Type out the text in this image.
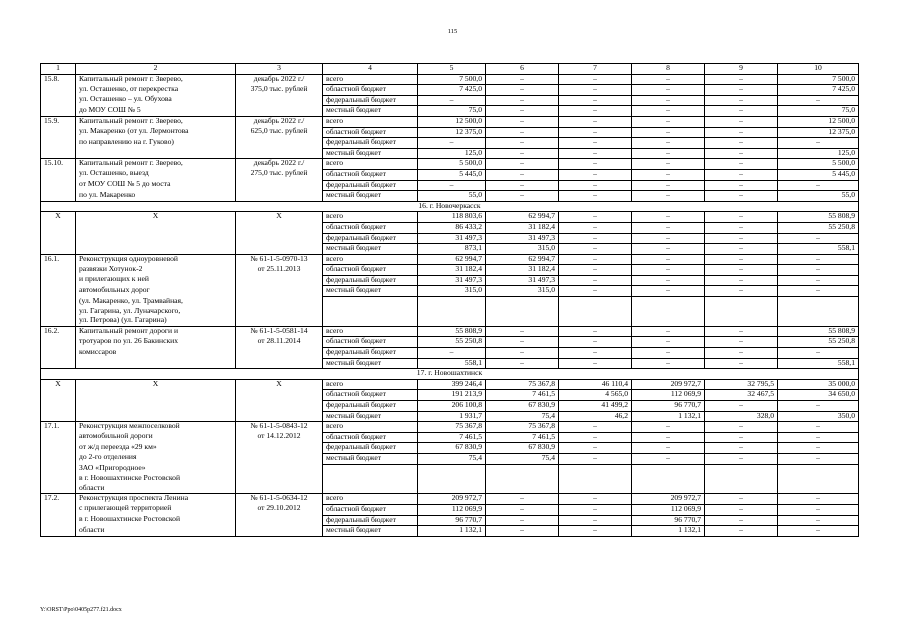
115
1	2	3	4	5	6	7	8	9	10
15.8.	Капитальный ремонт г. Зверево,	декабрь 2022 г./	всего	7 500,0	–	–	–	–	7 500,0
	ул. Осташенко, от перекрестка	375,0 тыс. рублей	областной бюджет	7 425,0	–	–	–	–	7 425,0
	ул. Осташенко – ул. Обухова		федеральный бюджет	–	–	–	–	–	–
	до МОУ СОШ № 5		местный бюджет	75,0	–	–	–	–	75,0
15.9.	Капитальный ремонт г. Зверево,	декабрь 2022 г./	всего	12 500,0	–	–	–	–	12 500,0
	ул. Макаренко (от ул. Лермонтова	625,0 тыс. рублей	областной бюджет	12 375,0	–	–	–	–	12 375,0
	по направлению на г. Гуково)		федеральный бюджет	–	–	–	–	–	–
			местный бюджет	125,0	–	–	–	–	125,0
15.10.	Капитальный ремонт г. Зверево,	декабрь 2022 г./	всего	5 500,0	–	–	–	–	5 500,0
	ул. Осташенко, выезд	275,0 тыс. рублей	областной бюджет	5 445,0	–	–	–	–	5 445,0
	от МОУ СОШ № 5 до моста		федеральный бюджет	–	–	–	–	–	–
	по ул. Макаренко		местный бюджет	55,0	–	–	–	–	55,0
16. г. Новочеркасск									
Х	Х	Х	всего	118 803,6	62 994,7	–	–	–	55 808,9
			областной бюджет	86 433,2	31 182,4	–	–	–	55 250,8
			федеральный бюджет	31 497,3	31 497,3	–	–	–	–
			местный бюджет	873,1	315,0	–	–	–	558,1
16.1.	Реконструкция одноуровневой	№ 61-1-5-0970-13	всего	62 994,7	62 994,7	–	–	–	–
	развязки Хотунок-2	от 25.11.2013	областной бюджет	31 182,4	31 182,4	–	–	–	–
	и прилегающих к ней		федеральный бюджет	31 497,3	31 497,3	–	–	–	–
	автомобильных дорог		местный бюджет	315,0	315,0	–	–	–	–
	(ул. Макаренко, ул. Трамвайная,								
	ул. Гагарина, ул. Луначарского,								
	ул. Петрова) (ул. Гагарина)								
16.2.	Капитальный ремонт дороги и	№ 61-1-5-0581-14	всего	55 808,9	–	–	–	–	55 808,9
	тротуаров по ул. 26 Бакинских	от 28.11.2014	областной бюджет	55 250,8	–	–	–	–	55 250,8
	комиссаров		федеральный бюджет	–	–	–	–	–	–
			местный бюджет	558,1	–	–	–	–	558,1
17. г. Новошахтинск									
Х	Х	Х	всего	399 246,4	75 367,8	46 110,4	209 972,7	32 795,5	35 000,0
			областной бюджет	191 213,9	7 461,5	4 565,0	112 069,9	32 467,5	34 650,0
			федеральный бюджет	206 100,8	67 830,9	41 499,2	96 770,7	–	–
			местный бюджет	1 931,7	75,4	46,2	1 132,1	328,0	350,0
17.1.	Реконструкция межпоселковой	№ 61-1-5-0843-12	всего	75 367,8	75 367,8	–	–	–	–
	автомобильной дороги	от 14.12.2012	областной бюджет	7 461,5	7 461,5	–	–	–	–
	от ж/д переезда «29 км»		федеральный бюджет	67 830,9	67 830,9	–	–	–	–
	до 2-го отделения		местный бюджет	75,4	75,4	–	–	–	–
	ЗАО «Пригородное»								
	в г. Новошахтинске Ростовской								
	области								
17.2.	Реконструкция проспекта Ленина	№ 61-1-5-0634-12	всего	209 972,7	–	–	209 972,7	–	–
	с прилегающей территорией	от 29.10.2012	областной бюджет	112 069,9	–	–	112 069,9	–	–
	в г. Новошахтинске Ростовской		федеральный бюджет	96 770,7	–	–	96 770,7	–	–
	области		местный бюджет	1 132,1	–	–	1 132,1	–	–
Y:\ORST\Ppo\0405p277.f21.docx
